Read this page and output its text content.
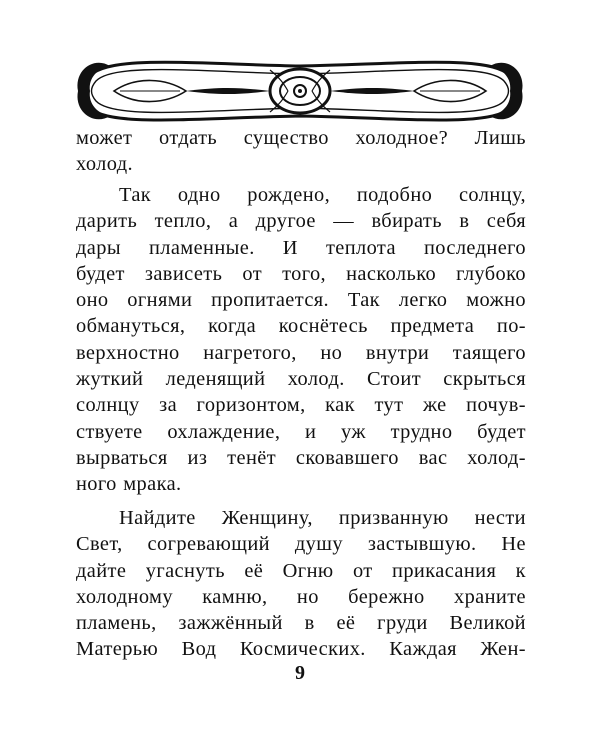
может отдать существо холодное? Лишь
холод.
Так одно рождено, подобно солнцу,
дарить тепло, а другое — вбирать в себя
дары пламенные. И теплота последнего
будет зависеть от того, насколько глубоко
оно огнями пропитается. Так легко можно
обмануться, когда коснётесь предмета по-
верхностно нагретого, но внутри таящего
жуткий леденящий холод. Стоит скрыться
солнцу за горизонтом, как тут же почув-
ствуете охлаждение, и уж трудно будет
вырваться из тенёт сковавшего вас холод-
ного мрака.
Найдите Женщину, призванную нести
Свет, согревающий душу застывшую. Не
дайте угаснуть её Огню от прикасания к
холодному камню, но бережно храните
пламень, зажжённый в её груди Великой
Матерью Вод Космических. Каждая Жен-
9
